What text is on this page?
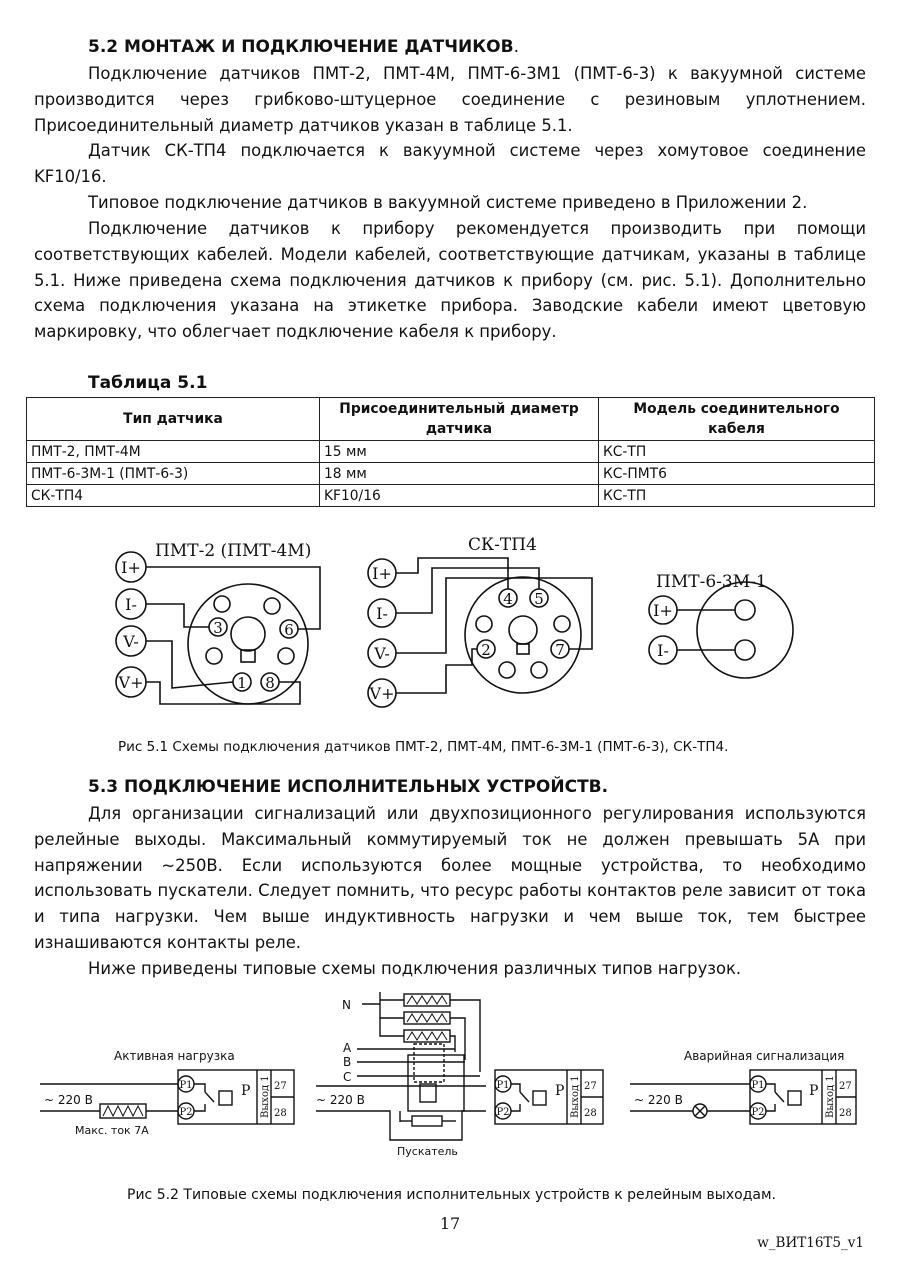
5.2 МОНТАЖ И ПОДКЛЮЧЕНИЕ ДАТЧИКОВ.
Подключение датчиков ПМТ-2, ПМТ-4М, ПМТ-6-3М1 (ПМТ-6-3) к вакуумной системе производится через грибково-штуцерное соединение с резиновым уплотнением. Присоединительный диаметр датчиков указан в таблице 5.1.
Датчик СК-ТП4 подключается к вакуумной системе через хомутовое соединение KF10/16.
Типовое подключение датчиков в вакуумной системе приведено в Приложении 2.
Подключение датчиков к прибору рекомендуется производить при помощи соответствующих кабелей. Модели кабелей, соответствующие датчикам, указаны в таблице 5.1. Ниже приведена схема подключения датчиков к прибору (см. рис. 5.1). Дополнительно схема подключения указана на этикетке прибора. Заводские кабели имеют цветовую маркировку, что облегчает подключение кабеля к прибору.
Таблица 5.1
Тип датчика	Присоединительный диаметр датчика	Модель соединительного кабеля
ПМТ-2, ПМТ-4М	15 мм	КС-ТП
ПМТ-6-3М-1 (ПМТ-6-3)	18 мм	КС-ПМТ6
СК-ТП4	KF10/16	КС-ТП
ПМТ-2 (ПМТ-4М)
I+
I-
V-
V+
3	6
1 8
СК-ТП4
I+
I-
V-
V+
4 5
2	7
ПМТ-6-3М-1
I+
I-
Рис 5.1 Схемы подключения датчиков ПМТ-2, ПМТ-4М, ПМТ-6-3М-1 (ПМТ-6-3), СК-ТП4.
5.3 ПОДКЛЮЧЕНИЕ ИСПОЛНИТЕЛЬНЫХ УСТРОЙСТВ.
Для организации сигнализаций или двухпозиционного регулирования используются релейные выходы. Максимальный коммутируемый ток не должен превышать 5А при напряжении ~250В. Если используются более мощные устройства, то необходимо использовать пускатели. Следует помнить, что ресурс работы контактов реле зависит от тока и типа нагрузки. Чем выше индуктивность нагрузки и чем выше ток, тем быстрее изнашиваются контакты реле.
Ниже приведены типовые схемы подключения различных типов нагрузок.
Активная нагрузка
~ 220 В
Макс. ток 7А
P1
P2
P Выход 1 27
28
N
A
B
C
~ 220 В
Пускатель
P1
P2
P Выход 1 27
28
Аварийная сигнализация
~ 220 В
P1
P2
P Выход 1 27
28
Рис 5.2 Типовые схемы подключения исполнительных устройств к релейным выходам.
17
w_ВИТ16Т5_v1
